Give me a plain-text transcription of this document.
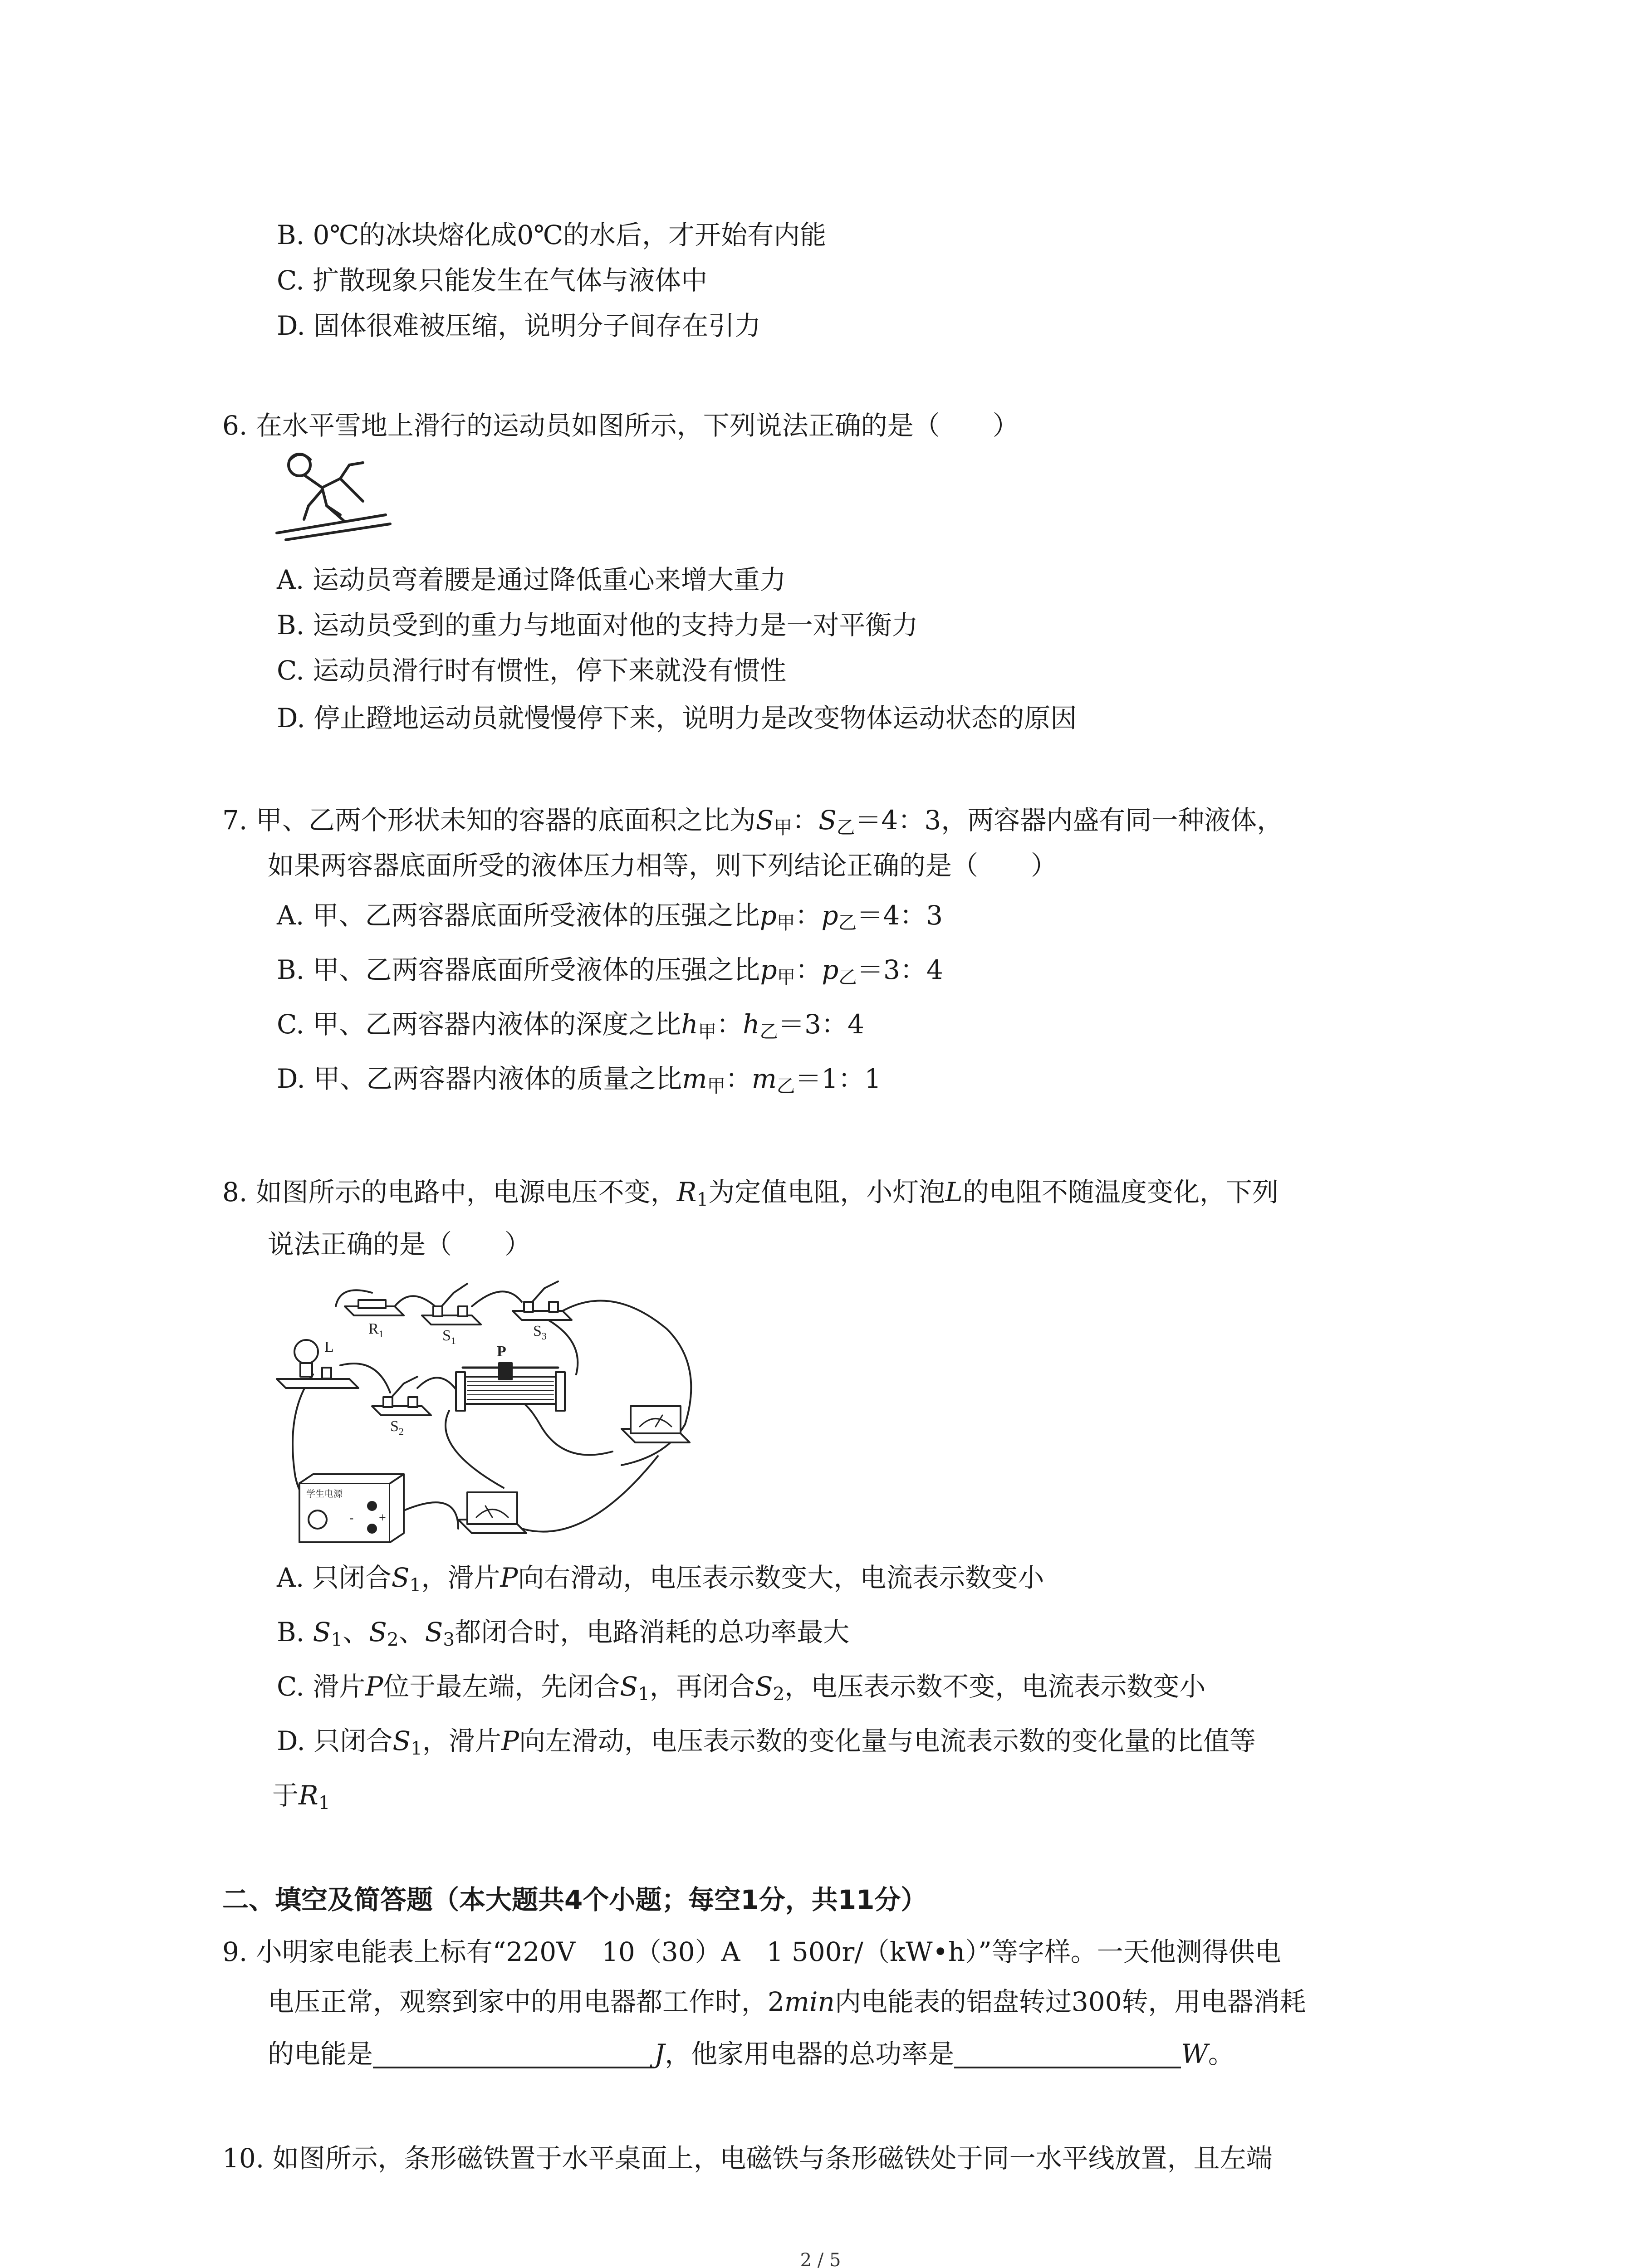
B. 0℃的冰块熔化成0℃的水后，才开始有内能
C. 扩散现象只能发生在气体与液体中
D. 固体很难被压缩，说明分子间存在引力
6. 在水平雪地上滑行的运动员如图所示，下列说法正确的是（　　）
A. 运动员弯着腰是通过降低重心来增大重力
B. 运动员受到的重力与地面对他的支持力是一对平衡力
C. 运动员滑行时有惯性，停下来就没有惯性
D. 停止蹬地运动员就慢慢停下来，说明力是改变物体运动状态的原因
7. 甲、乙两个形状未知的容器的底面积之比为$S_甲$：$S_乙=4$：3，两容器内盛有同一种液体，
如果两容器底面所受的液体压力相等，则下列结论正确的是（　　）
A. 甲、乙两容器底面所受液体的压强之比$p_甲$：$p_乙=4$：3
B. 甲、乙两容器底面所受液体的压强之比$p_甲$：$p_乙=3$：4
C. 甲、乙两容器内液体的深度之比$h_甲$：$h_乙=3$：4
D. 甲、乙两容器内液体的质量之比$m_甲$：$m_乙=1$：1
8. 如图所示的电路中，电源电压不变，$R_1$为定值电阻，小灯泡L的电阻不随温度变化，下列
说法正确的是（　　）
$R_1$	$S_1$
$S_3$
L	P
$S_2$
学生电源
- +
A. 只闭合$S_1$，滑片P向右滑动，电压表示数变大，电流表示数变小
B. $S_1$、$S_2$、$S_3$都闭合时，电路消耗的总功率最大
C. 滑片P位于最左端，先闭合$S_1$，再闭合$S_2$，电压表示数不变，电流表示数变小
D. 只闭合$S_1$，滑片P向左滑动，电压表示数的变化量与电流表示数的变化量的比值等
于$R_1$
二、填空及简答题（本大题共4个小题；每空1分，共11分）
9. 小明家电能表上标有“220V　10（30）A　1 500r/（kW•h）”等字样。一天他测得供电
电压正常，观察到家中的用电器都工作时，2min内电能表的铝盘转过300转，用电器消耗
的电能是	J，他家用电器的总功率是	W。
10. 如图所示，条形磁铁置于水平桌面上，电磁铁与条形磁铁处于同一水平线放置，且左端
2 / 5
